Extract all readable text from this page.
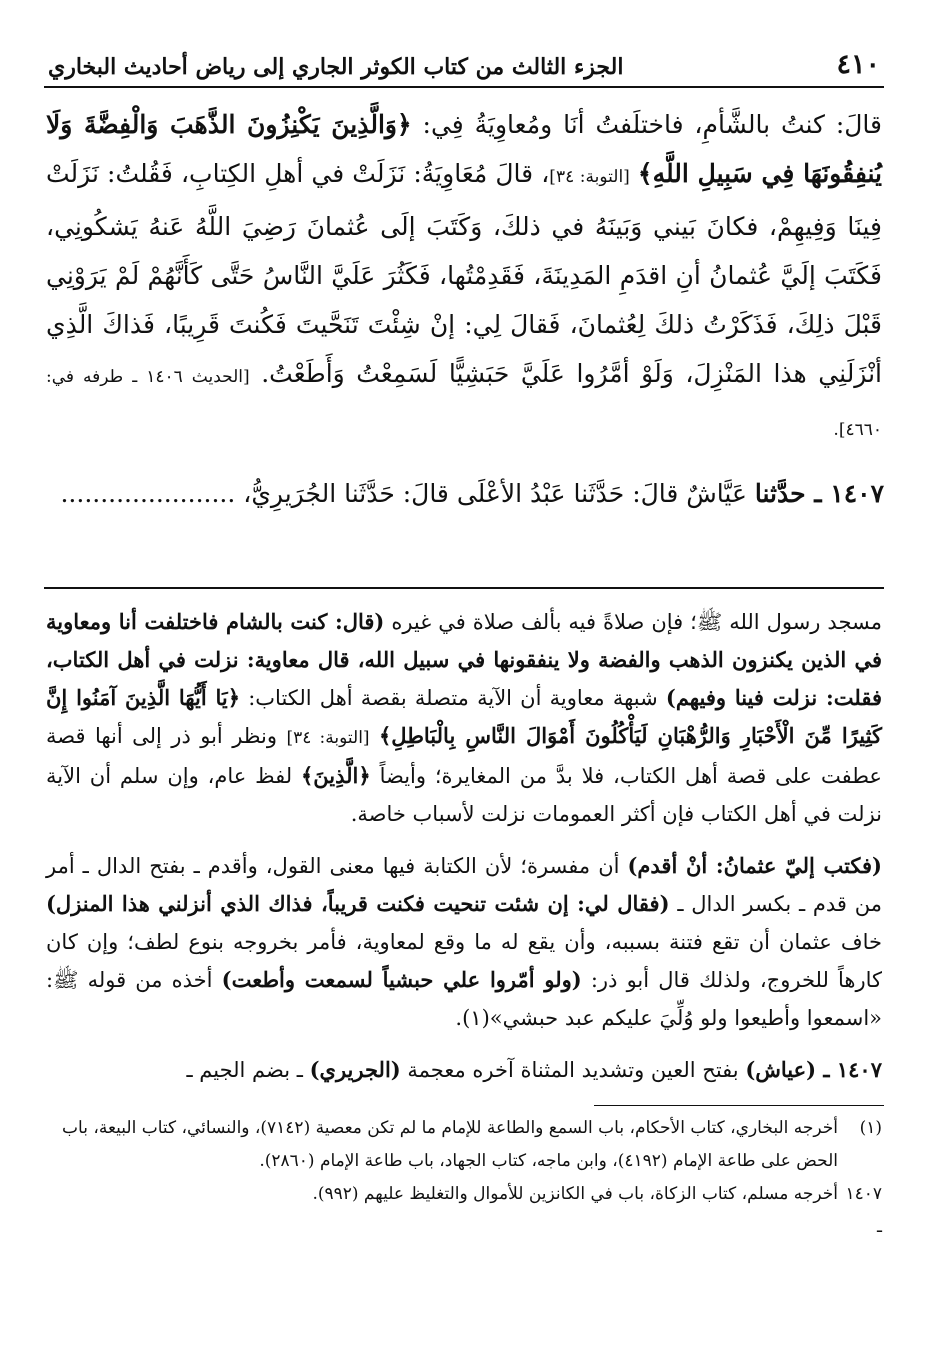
٤١٠
الجزء الثالث من كتاب الكوثر الجاري إلى رياض أحاديث البخاري
قالَ: كنتُ بالشَّأمِ، فاختلَفتُ أنَا ومُعاوِيَةُ فِي: ﴿وَالَّذِينَ يَكْنِزُونَ الذَّهَبَ وَالْفِضَّةَ وَلَا يُنفِقُونَهَا فِي سَبِيلِ اللَّهِ﴾ [التوبة: ٣٤]، قالَ مُعَاوِيَةُ: نَزَلَتْ في أهلِ الكِتابِ، فَقُلتُ: نَزَلَتْ فِينَا وَفِيهِمْ، فكانَ بَيني وَبَينَهُ في ذلكَ، وَكَتَبَ إلَى عُثمانَ رَضِيَ اللَّهُ عَنهُ يَشكُونِي، فَكَتَبَ إلَيَّ عُثمانُ أنِ اقدَمِ المَدِينَةَ، فَقَدِمْتُها، فَكَثُرَ عَلَيَّ النَّاسُ حَتَّى كَأَنَّهُمْ لَمْ يَرَوْنِي قَبْلَ ذلِكَ، فَذَكَرْتُ ذلكَ لِعُثمانَ، فَقالَ لِي: إنْ شِئْتَ تَنَحَّيتَ فَكُنتَ قَرِيبًا، فَذاكَ الَّذِي أنْزَلَنِي هذا المَنْزِلَ، وَلَوْ أمَّرُوا عَلَيَّ حَبَشِيًّا لَسَمِعْتُ وَأَطَعْتُ. [الحديث ١٤٠٦ ـ طرفه في: ٤٦٦٠].
١٤٠٧ ـ حدَّثنا عَيَّاشٌ قالَ: حَدَّثَنا عَبْدُ الأعْلَى قالَ: حَدَّثَنا الجُرَيرِيُّ، ......................

مسجد رسول الله ﷺ؛ فإن صلاةً فيه بألف صلاة في غيره (قال: كنت بالشام فاختلفت أنا ومعاوية في الذين يكنزون الذهب والفضة ولا ينفقونها في سبيل الله، قال معاوية: نزلت في أهل الكتاب، فقلت: نزلت فينا وفيهم) شبهة معاوية أن الآية متصلة بقصة أهل الكتاب: ﴿يَا أَيُّهَا الَّذِينَ آمَنُوا إِنَّ كَثِيرًا مِّنَ الْأَحْبَارِ وَالرُّهْبَانِ لَيَأْكُلُونَ أَمْوَالَ النَّاسِ بِالْبَاطِلِ﴾ [التوبة: ٣٤] ونظر أبو ذر إلى أنها قصة عطفت على قصة أهل الكتاب، فلا بدَّ من المغايرة؛ وأيضاً ﴿الَّذِينَ﴾ لفظ عام، وإن سلم أن الآية نزلت في أهل الكتاب فإن أكثر العمومات نزلت لأسباب خاصة.

(فكتب إليّ عثمانُ: أنْ أقدم) أن مفسرة؛ لأن الكتابة فيها معنى القول، وأقدم ـ بفتح الدال ـ أمر من قدم ـ بكسر الدال ـ (فقال لي: إن شئت تنحيت فكنت قريباً، فذاك الذي أنزلني هذا المنزل) خاف عثمان أن تقع فتنة بسببه، وأن يقع له ما وقع لمعاوية، فأمر بخروجه بنوع لطف؛ وإن كان كارهاً للخروج، ولذلك قال أبو ذر: (ولو أمّروا علي حبشياً لسمعت وأطعت) أخذه من قوله ﷺ: «اسمعوا وأطيعوا ولو وُلِّيَ عليكم عبد حبشي»(١).

١٤٠٧ ـ (عياش) بفتح العين وتشديد المثناة آخره معجمة (الجريري) ـ بضم الجيم ـ

(١)

أخرجه البخاري، كتاب الأحكام، باب السمع والطاعة للإمام ما لم تكن معصية (٧١٤٢)، والنسائي، كتاب البيعة، باب الحض على طاعة الإمام (٤١٩٢)، وابن ماجه، كتاب الجهاد، باب طاعة الإمام (٢٨٦٠).

١٤٠٧ ـ

أخرجه مسلم، كتاب الزكاة، باب في الكانزين للأموال والتغليظ عليهم (٩٩٢).
